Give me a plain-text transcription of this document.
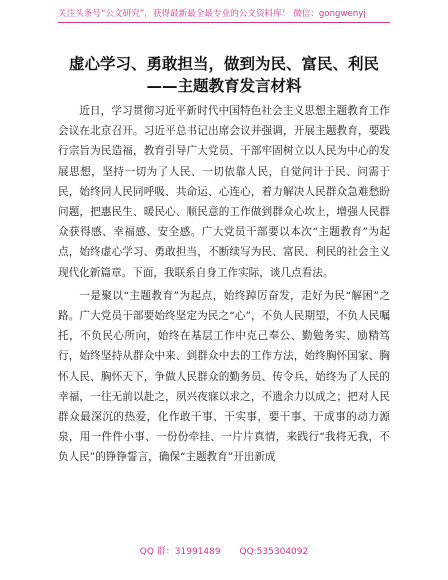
关注头条号“公文研究”，获得最新最全最专业的公文资料库！ 微信：gongwenyj
虚心学习、勇敢担当，做到为民、富民、利民
——主题教育发言材料

近日，学习贯彻习近平新时代中国特色社会主义思想主题教育工作会议在北京召开。习近平总书记出席会议并强调，开展主题教育，要践行宗旨为民造福，教育引导广大党员、干部牢固树立以人民为中心的发展思想，坚持一切为了人民、一切依靠人民，自觉问计于民、问需于民，始终同人民同呼吸、共命运、心连心，着力解决人民群众急难愁盼问题，把惠民生、暖民心、顺民意的工作做到群众心坎上，增强人民群众获得感、幸福感、安全感。广大党员干部要以本次“主题教育”为起点，始终虚心学习、勇敢担当，不断续写为民、富民、利民的社会主义现代化新篇章。下面，我联系自身工作实际，谈几点看法。

一是聚以“主题教育”为起点，始终踔厉奋发，走好为民“解困”之路。广大党员干部要始终坚定为民之“心”，不负人民期望，不负人民嘱托，不负民心所向，始终在基层工作中克己奉公、勤勉务实、励精笃行，始终坚持从群众中来、到群众中去的工作方法，始终胸怀国家、胸怀人民、胸怀天下，争做人民群众的勤务员、传令兵，始终为了人民的幸福，一往无前以赴之，夙兴夜寐以求之，不遗余力以成之；把对人民群众最深沉的热爱，化作敢干事、干实事，要干事、干成事的动力源泉，用一件件小事、一份份牵挂、一片片真情，来践行“我将无我，不负人民”的铮铮誓言，确保“主题教育”开出新成

QQ 群：31991489 QQ:535304092
